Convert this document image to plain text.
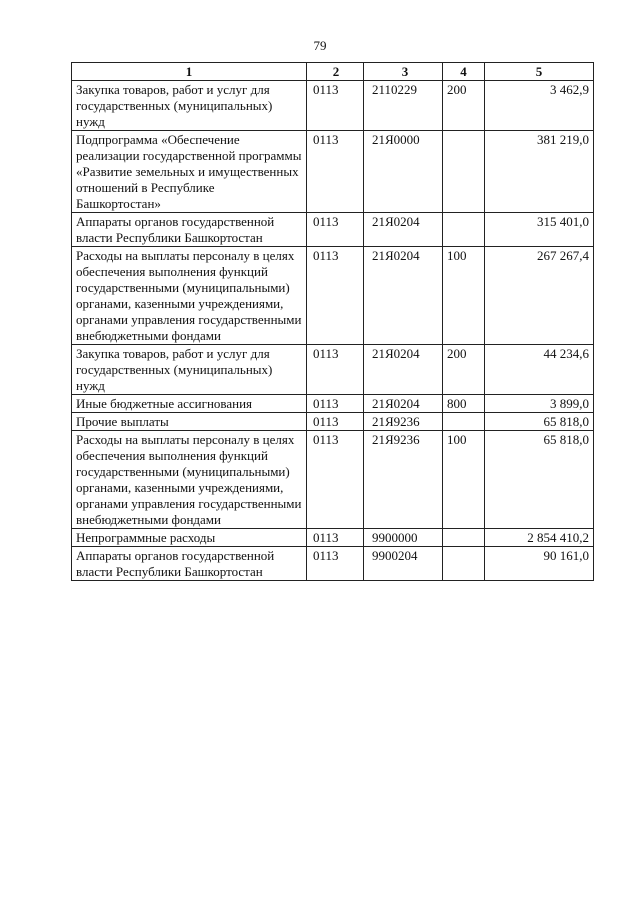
79
1	2	3	4	5
Закупка товаров, работ и услуг для государственных (муниципальных) нужд	0113	2110229	200	3 462,9
Подпрограмма «Обеспечение реализации государственной программы «Развитие земельных и имущественных отношений в Республике Башкортостан»	0113	21Я0000		381 219,0
Аппараты органов государственной власти Республики Башкортостан	0113	21Я0204		315 401,0
Расходы на выплаты персоналу в целях обеспечения выполнения функций государственными (муниципальными) органами, казенными учреждениями, органами управления государственными внебюджетными фондами	0113	21Я0204	100	267 267,4
Закупка товаров, работ и услуг для государственных (муниципальных) нужд	0113	21Я0204	200	44 234,6
Иные бюджетные ассигнования	0113	21Я0204	800	3 899,0
Прочие выплаты	0113	21Я9236		65 818,0
Расходы на выплаты персоналу в целях обеспечения выполнения функций государственными (муниципальными) органами, казенными учреждениями, органами управления государственными внебюджетными фондами	0113	21Я9236	100	65 818,0
Непрограммные расходы	0113	9900000		2 854 410,2
Аппараты органов государственной власти Республики Башкортостан	0113	9900204		90 161,0
